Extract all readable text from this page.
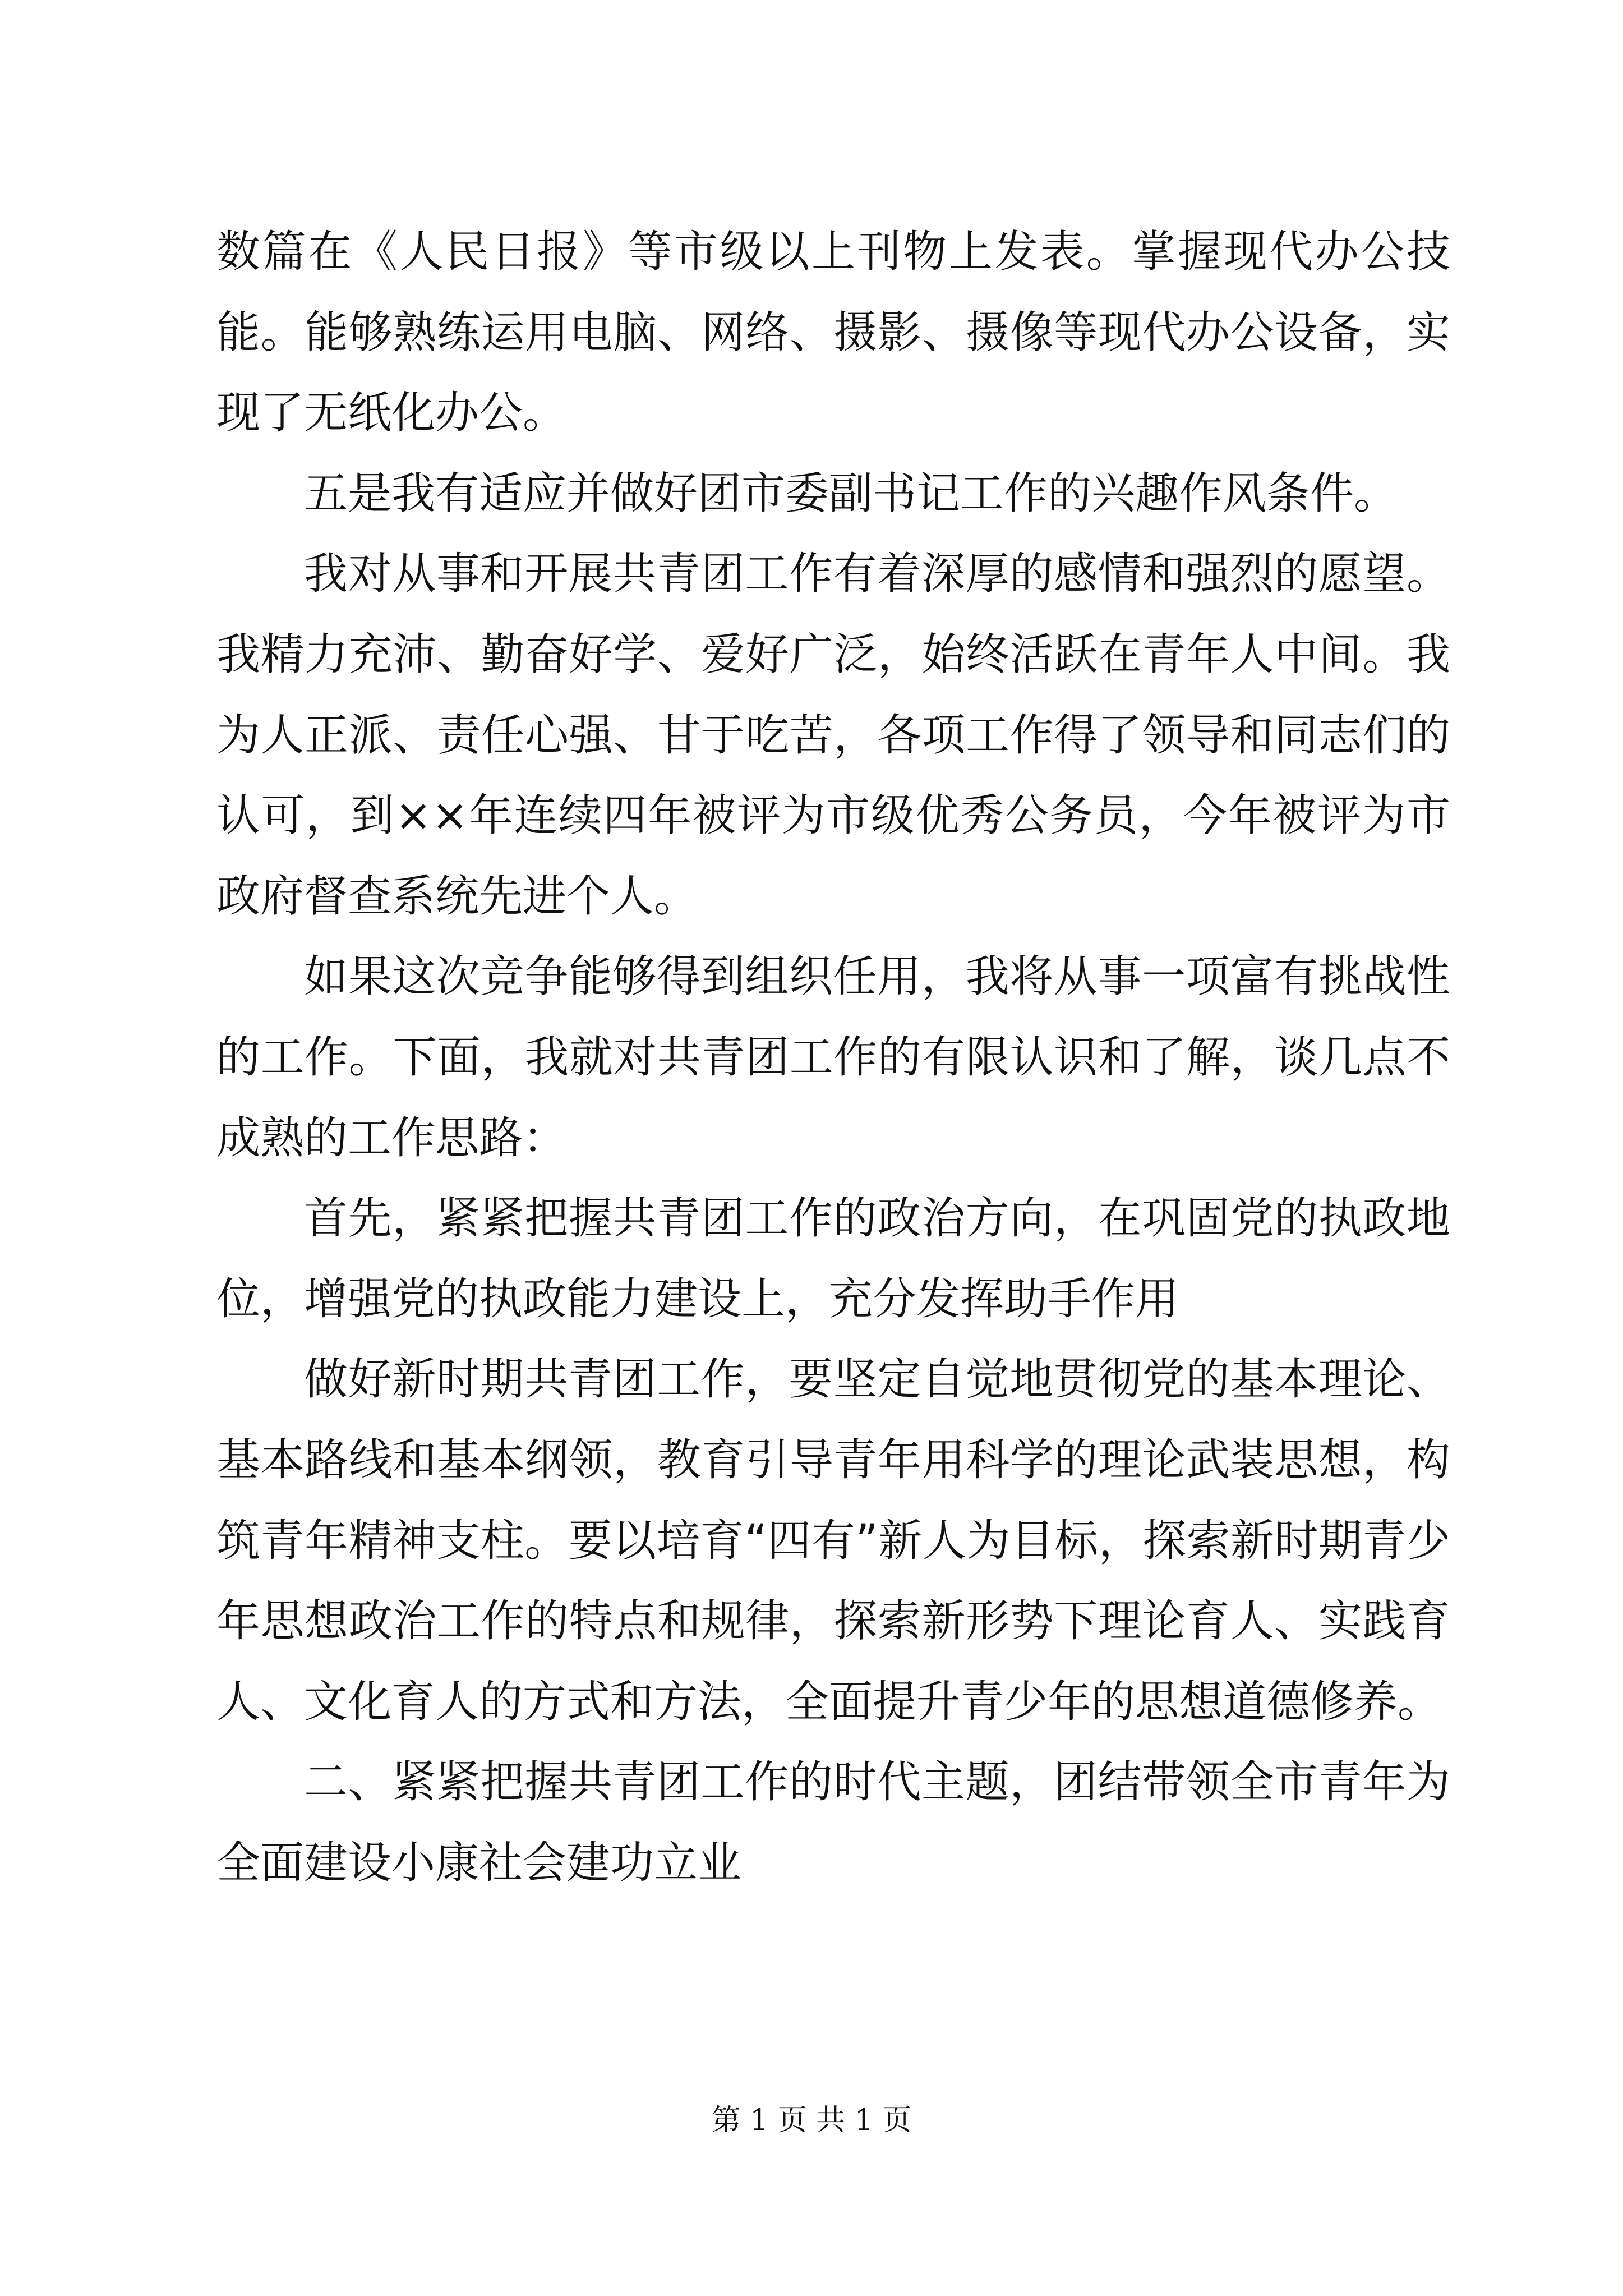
数篇在《人民日报》等市级以上刊物上发表。掌握现代办公技能。能够熟练运用电脑、网络、摄影、摄像等现代办公设备，实现了无纸化办公。

五是我有适应并做好团市委副书记工作的兴趣作风条件。

我对从事和开展共青团工作有着深厚的感情和强烈的愿望。我精力充沛、勤奋好学、爱好广泛，始终活跃在青年人中间。我为人正派、责任心强、甘于吃苦，各项工作得了领导和同志们的认可，到××年连续四年被评为市级优秀公务员，今年被评为市政府督查系统先进个人。

如果这次竞争能够得到组织任用，我将从事一项富有挑战性的工作。下面，我就对共青团工作的有限认识和了解，谈几点不成熟的工作思路：

首先，紧紧把握共青团工作的政治方向，在巩固党的执政地位，增强党的执政能力建设上，充分发挥助手作用

做好新时期共青团工作，要坚定自觉地贯彻党的基本理论、基本路线和基本纲领，教育引导青年用科学的理论武装思想，构筑青年精神支柱。要以培育“四有”新人为目标，探索新时期青少年思想政治工作的特点和规律，探索新形势下理论育人、实践育人、文化育人的方式和方法，全面提升青少年的思想道德修养。

二、紧紧把握共青团工作的时代主题，团结带领全市青年为全面建设小康社会建功立业

第 1 页 共 1 页
